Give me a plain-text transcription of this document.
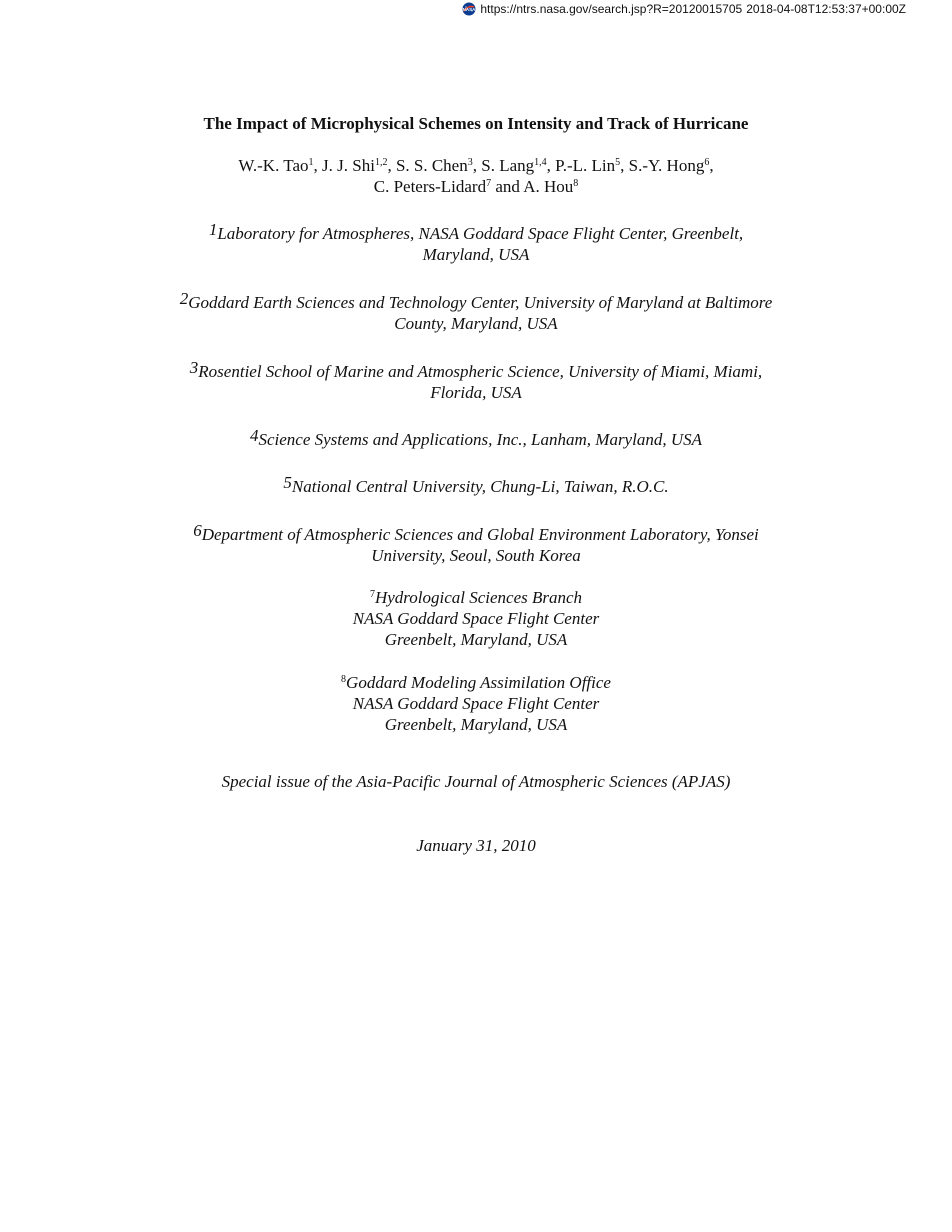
NASA https://ntrs.nasa.gov/search.jsp?R=20120015705 2018-04-08T12:53:37+00:00Z
The Impact of Microphysical Schemes on Intensity and Track of Hurricane
W.-K. Tao$^1$, J. J. Shi$^{1,2}$, S. S. Chen$^3$, S. Lang$^{1,4}$, P.-L. Lin$^5$, S.-Y. Hong$^6$,
C. Peters-Lidard$^7$ and A. Hou$^8$
1Laboratory for Atmospheres, NASA Goddard Space Flight Center, Greenbelt,
Maryland, USA
2Goddard Earth Sciences and Technology Center, University of Maryland at Baltimore
County, Maryland, USA
3Rosentiel School of Marine and Atmospheric Science, University of Miami, Miami,
Florida, USA
4Science Systems and Applications, Inc., Lanham, Maryland, USA
5National Central University, Chung-Li, Taiwan, R.O.C.
6Department of Atmospheric Sciences and Global Environment Laboratory, Yonsei
University, Seoul, South Korea
$^7$Hydrological Sciences Branch
NASA Goddard Space Flight Center
Greenbelt, Maryland, USA
$^8$Goddard Modeling Assimilation Office
NASA Goddard Space Flight Center
Greenbelt, Maryland, USA
Special issue of the Asia-Pacific Journal of Atmospheric Sciences (APJAS)
January 31, 2010
